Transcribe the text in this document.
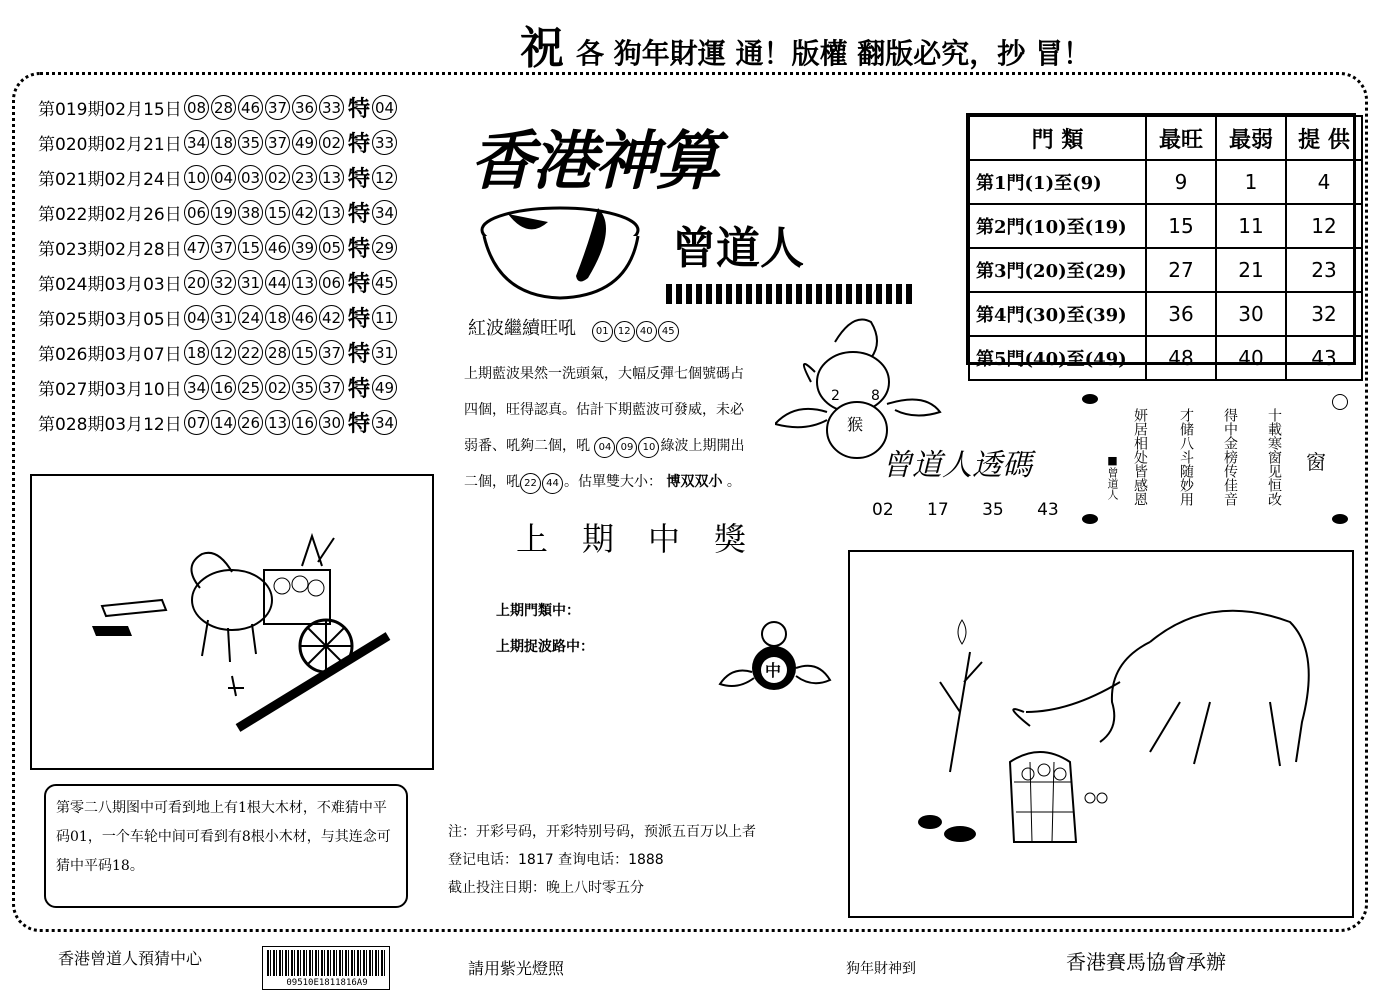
祝各 狗年財運 通！版權 翻版必究，抄 冒！
第019期02月15日 08 28 46 37 36 33 特 04
第020期02月21日 34 18 35 37 49 02 特 33
第021期02月24日 10 04 03 02 23 13 特 12
第022期02月26日 06 19 38 15 42 13 特 34
第023期02月28日 47 37 15 46 39 05 特 29
第024期03月03日 20 32 31 44 13 06 特 45
第025期03月05日 04 31 24 18 46 42 特 11
第026期03月07日 18 12 22 28 15 37 特 31
第027期03月10日 34 16 25 02 35 37 特 49
第028期03月12日 07 14 26 13 16 30 特 34
香港神算
曾道人
門 類	最旺	最弱	提 供
第1門(1)至(9)	9	1	4
第2門(10)至(19)	15	11	12
第3門(20)至(29)	27	21	23
第4門(30)至(39)	36	30	32
第5門(40)至(49)	48	40	43
紅波繼續旺吼 01 12 40 45
上期藍波果然一洗頭氣，大幅反彈七個號碼占
四個，旺得認真。估計下期藍波可發威，未必
弱番、吼夠二個，吼 04 09 10 綠波上期開出
二個，吼 22 44 。估單雙大小： 博双双小 。
2 8
猴
曾道人透碼
02 17 35 43
十載寒窗见恒改
得中金榜传佳音
才储八斗随妙用
妍居相处皆感恩
■曾道人	窗
上期中獎
上期門類中：
上期捉波路中：
中
第零二八期图中可看到地上有1根大木材，不难猜中平码01，一个车轮中间可看到有8根小木材，与其连念可猜中平码18。
注：开彩号码，开彩特别号码，预派五百万以上者
登记电话：1817 查询电话：1888
截止投注日期：晚上八时零五分
香港曾道人預猜中心
09510E1811816A9
請用紫光燈照	狗年財神到	香港賽馬協會承辦
